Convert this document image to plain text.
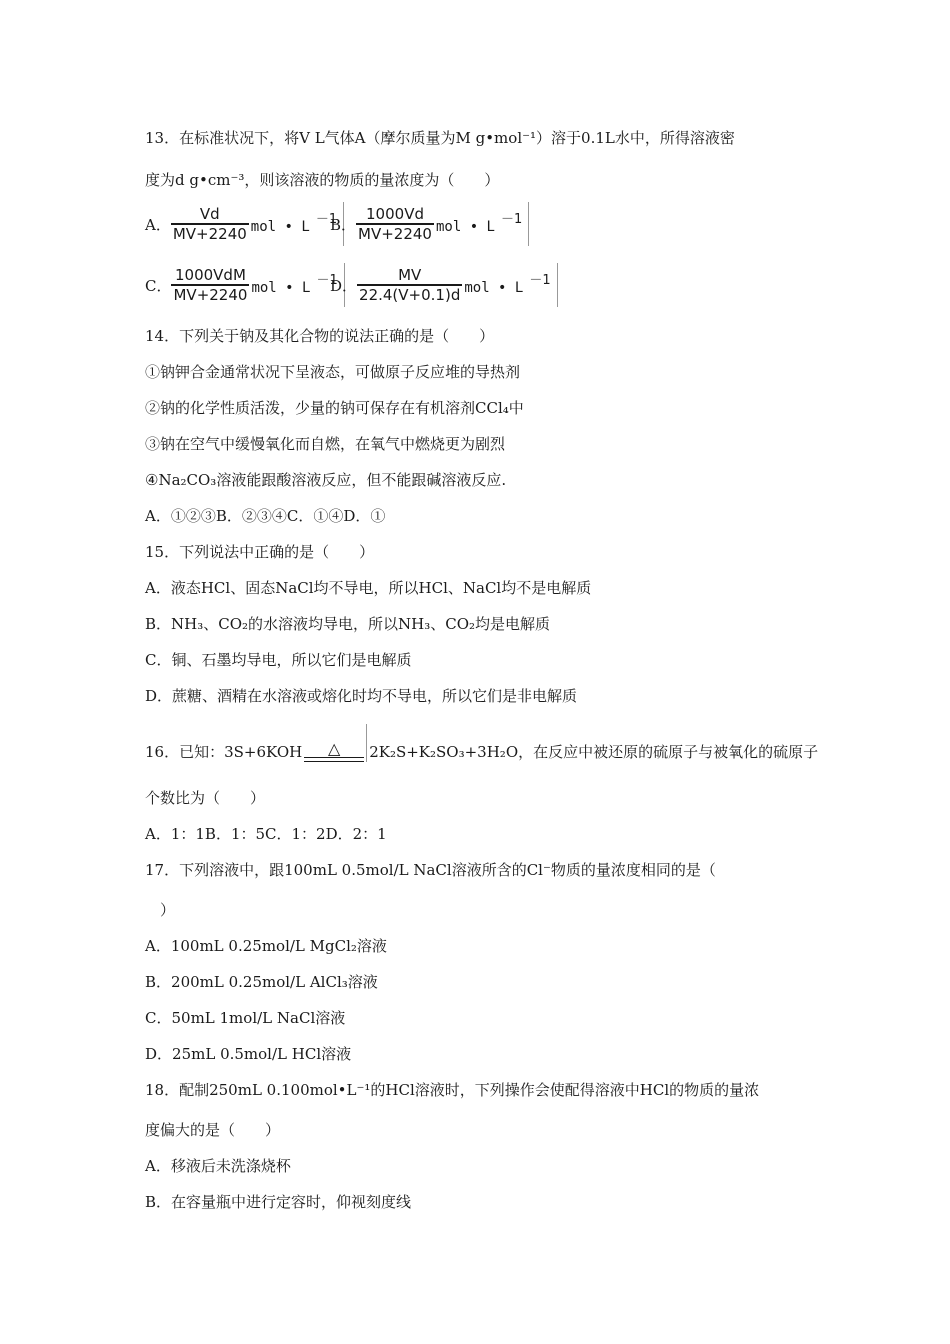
13．在标准状况下，将V L气体A（摩尔质量为M g•mol⁻¹）溶于0.1L水中，所得溶液密
度为d g•cm⁻³，则该溶液的物质的量浓度为（　　）
A． $\frac{Vd}{MV+2240}$ mol • L －1
B． $\frac{1000Vd}{MV+2240}$ mol • L －1
C． $\frac{\text{1000VdM}}{MV+2240}$ mol • L －1
D． $\frac{MV}{22.4(V+0.1)d}$ mol • L －1
14．下列关于钠及其化合物的说法正确的是（　　）
①钠钾合金通常状况下呈液态，可做原子反应堆的导热剂
②钠的化学性质活泼，少量的钠可保存在有机溶剂CCl₄中
③钠在空气中缓慢氧化而自燃，在氧气中燃烧更为剧烈
④Na₂CO₃溶液能跟酸溶液反应，但不能跟碱溶液反应.
A．①②③B．②③④C．①④D．①
15．下列说法中正确的是（　　）
A．液态HCl、固态NaCl均不导电，所以HCl、NaCl均不是电解质
B．NH₃、CO₂的水溶液均导电，所以NH₃、CO₂均是电解质
C．铜、石墨均导电，所以它们是电解质
D．蔗糖、酒精在水溶液或熔化时均不导电，所以它们是非电解质
16．已知：3S+6KOH △ 2K₂S+K₂SO₃+3H₂O，在反应中被还原的硫原子与被氧化的硫原子
个数比为（　　）
A．1：1B．1：5C．1：2D．2：1
17．下列溶液中，跟100mL 0.5mol/L NaCl溶液所含的Cl⁻物质的量浓度相同的是（
）
A．100mL 0.25mol/L MgCl₂溶液
B．200mL 0.25mol/L AlCl₃溶液
C．50mL 1mol/L NaCl溶液
D．25mL 0.5mol/L HCl溶液
18．配制250mL 0.100mol•L⁻¹的HCl溶液时，下列操作会使配得溶液中HCl的物质的量浓
度偏大的是（　　）
A．移液后未洗涤烧杯
B．在容量瓶中进行定容时，仰视刻度线
